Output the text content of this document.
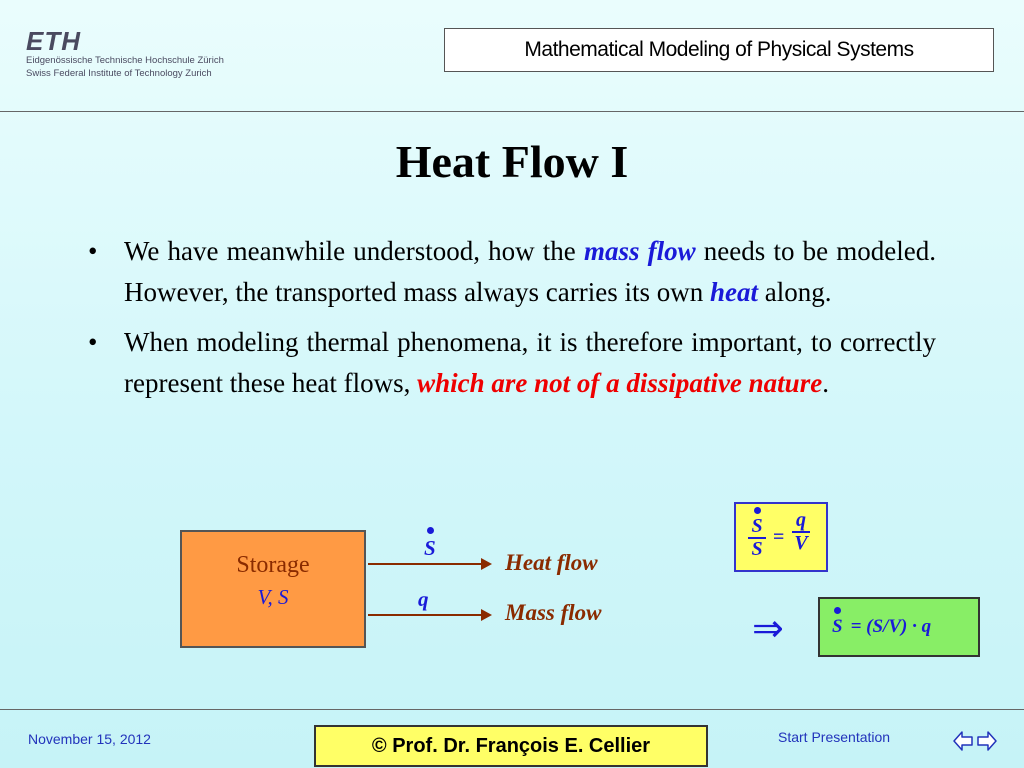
ETH
Eidgenössische Technische Hochschule Zürich
Swiss Federal Institute of Technology Zurich
Mathematical Modeling of Physical Systems
Heat Flow I
• We have meanwhile understood, how the mass flow needs to be modeled. However, the transported mass always carries its own heat along.
• When modeling thermal phenomena, it is therefore important, to correctly represent these heat flows, which are not of a dissipative nature.
Storage
V, S
S
Heat flow
q
Mass flow
S
S
=
q
V
⇒	S = (S/V) · q
November 15, 2012	© Prof. Dr. François E. Cellier	Start Presentation
